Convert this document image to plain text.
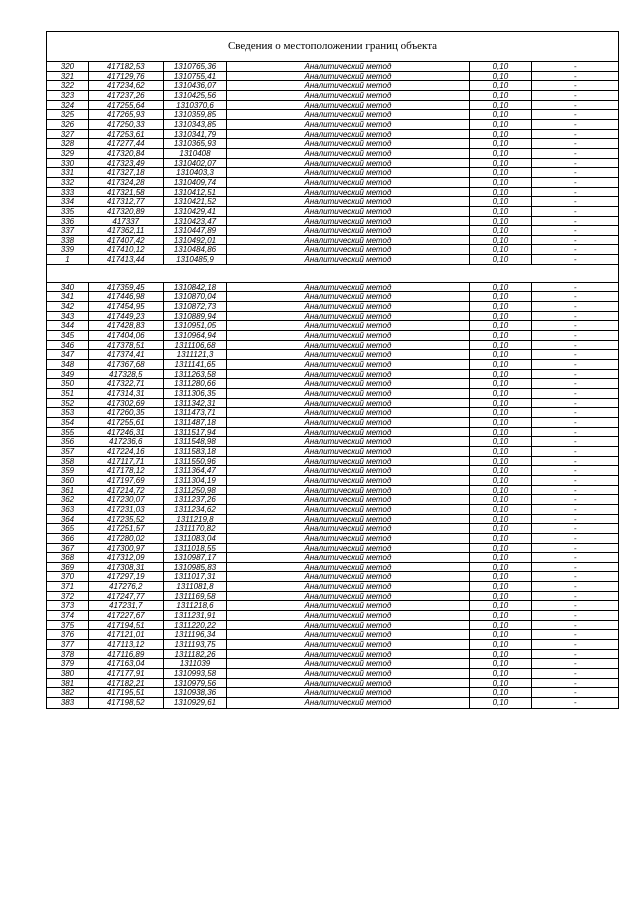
Сведения о местоположении границ объекта
320	417182,53	1310765,36	Аналитический метод	0,10	-
321	417129,76	1310755,41	Аналитический метод	0,10	-
322	417234,62	1310436,07	Аналитический метод	0,10	-
323	417237,26	1310425,56	Аналитический метод	0,10	-
324	417255,64	1310370,6	Аналитический метод	0,10	-
325	417265,93	1310359,85	Аналитический метод	0,10	-
326	417250,33	1310343,85	Аналитический метод	0,10	-
327	417253,61	1310341,79	Аналитический метод	0,10	-
328	417277,44	1310365,93	Аналитический метод	0,10	-
329	417320,84	1310408	Аналитический метод	0,10	-
330	417323,49	1310402,07	Аналитический метод	0,10	-
331	417327,18	1310403,3	Аналитический метод	0,10	-
332	417324,28	1310409,74	Аналитический метод	0,10	-
333	417321,58	1310412,51	Аналитический метод	0,10	-
334	417312,77	1310421,52	Аналитический метод	0,10	-
335	417320,89	1310429,41	Аналитический метод	0,10	-
336	417337	1310423,47	Аналитический метод	0,10	-
337	417362,11	1310447,89	Аналитический метод	0,10	-
338	417407,42	1310492,01	Аналитический метод	0,10	-
339	417410,12	1310484,86	Аналитический метод	0,10	-
1	417413,44	1310485,9	Аналитический метод	0,10	-
340	417359,45	1310842,18	Аналитический метод	0,10	-
341	417446,98	1310870,04	Аналитический метод	0,10	-
342	417454,95	1310872,73	Аналитический метод	0,10	-
343	417449,23	1310889,94	Аналитический метод	0,10	-
344	417428,83	1310951,05	Аналитический метод	0,10	-
345	417404,06	1310964,94	Аналитический метод	0,10	-
346	417378,51	1311106,68	Аналитический метод	0,10	-
347	417374,41	1311121,3	Аналитический метод	0,10	-
348	417367,68	1311141,65	Аналитический метод	0,10	-
349	417328,5	1311263,58	Аналитический метод	0,10	-
350	417322,71	1311280,66	Аналитический метод	0,10	-
351	417314,31	1311306,35	Аналитический метод	0,10	-
352	417302,69	1311342,31	Аналитический метод	0,10	-
353	417260,35	1311473,71	Аналитический метод	0,10	-
354	417255,61	1311487,18	Аналитический метод	0,10	-
355	417246,31	1311517,94	Аналитический метод	0,10	-
356	417236,6	1311548,98	Аналитический метод	0,10	-
357	417224,16	1311583,18	Аналитический метод	0,10	-
358	417117,71	1311550,96	Аналитический метод	0,10	-
359	417178,12	1311364,47	Аналитический метод	0,10	-
360	417197,69	1311304,19	Аналитический метод	0,10	-
361	417214,72	1311250,98	Аналитический метод	0,10	-
362	417230,07	1311237,26	Аналитический метод	0,10	-
363	417231,03	1311234,62	Аналитический метод	0,10	-
364	417235,52	1311219,8	Аналитический метод	0,10	-
365	417251,57	1311170,82	Аналитический метод	0,10	-
366	417280,02	1311083,04	Аналитический метод	0,10	-
367	417300,97	1311018,55	Аналитический метод	0,10	-
368	417312,09	1310987,17	Аналитический метод	0,10	-
369	417308,31	1310985,83	Аналитический метод	0,10	-
370	417297,19	1311017,31	Аналитический метод	0,10	-
371	417276,2	1311081,8	Аналитический метод	0,10	-
372	417247,77	1311169,58	Аналитический метод	0,10	-
373	417231,7	1311218,6	Аналитический метод	0,10	-
374	417227,67	1311231,91	Аналитический метод	0,10	-
375	417194,51	1311220,22	Аналитический метод	0,10	-
376	417121,01	1311196,34	Аналитический метод	0,10	-
377	417113,12	1311193,75	Аналитический метод	0,10	-
378	417116,89	1311182,26	Аналитический метод	0,10	-
379	417163,04	1311039	Аналитический метод	0,10	-
380	417177,91	1310993,58	Аналитический метод	0,10	-
381	417182,21	1310979,56	Аналитический метод	0,10	-
382	417195,51	1310938,36	Аналитический метод	0,10	-
383	417198,52	1310929,61	Аналитический метод	0,10	-
